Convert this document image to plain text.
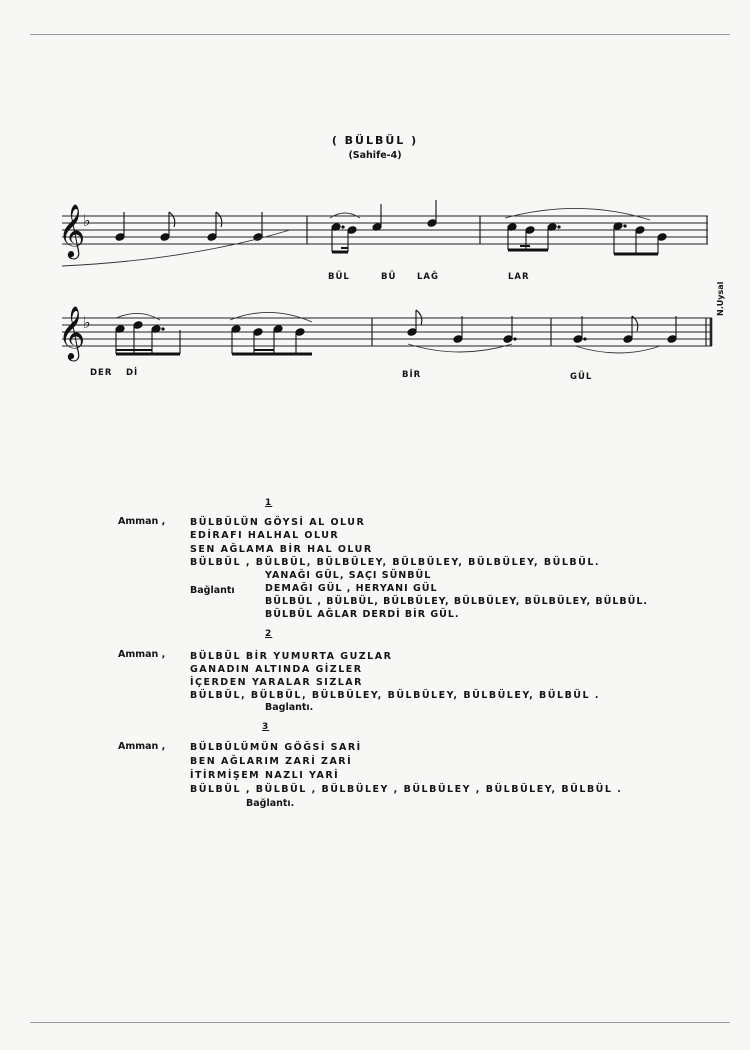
( BÜLBÜL )
(Sahife-4)
𝄞
♭
BÜL	BÜ LAĞ	LAR
𝄞
♭
DER Dİ	BİR	GÜL
N.Uysal
1
Amman ,	BÜLBÜLÜN GÖYSİ AL OLUR
EDİRAFI HALHAL OLUR
SEN AĞLAMA BİR HAL OLUR
BÜLBÜL , BÜLBÜL, BÜLBÜLEY, BÜLBÜLEY, BÜLBÜLEY, BÜLBÜL.
Bağlantı
YANAĞI GÜL, SAÇI SÜNBÜL
DEMAĞI GÜL , HERYANI GÜL
BÜLBÜL , BÜLBÜL, BÜLBÜLEY, BÜLBÜLEY, BÜLBÜLEY, BÜLBÜL.
BÜLBÜL AĞLAR DERDİ BİR GÜL.
2
Amman ,	BÜLBÜL BİR YUMURTA GUZLAR
GANADIN ALTINDA GİZLER
İÇERDEN YARALAR SIZLAR
BÜLBÜL, BÜLBÜL, BÜLBÜLEY, BÜLBÜLEY, BÜLBÜLEY, BÜLBÜL .
Baglantı.
3
Amman ,	BÜLBÜLÜMÜN GÖĞSİ SARİ
BEN AĞLARIM ZARİ ZARİ
İTİRMİŞEM NAZLI YARİ
BÜLBÜL , BÜLBÜL , BÜLBÜLEY , BÜLBÜLEY , BÜLBÜLEY, BÜLBÜL .
Bağlantı.
